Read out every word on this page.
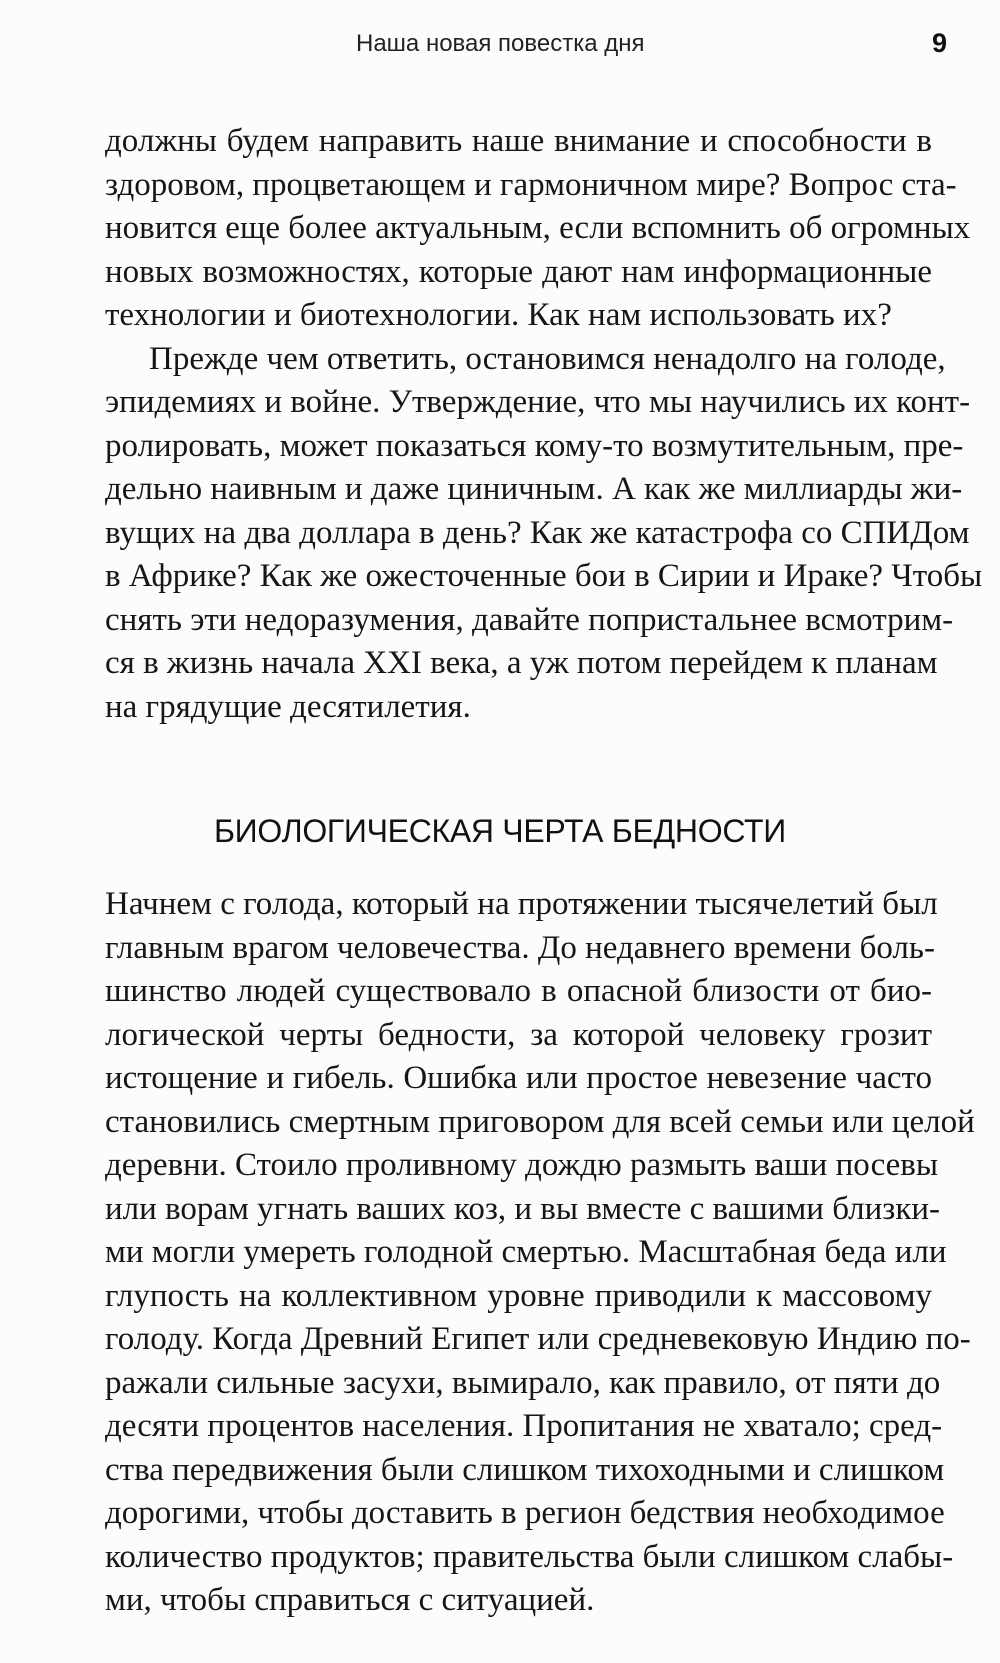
Наша новая повестка дня	9

должны будем направить наше внимание и способности в
здоровом, процветающем и гармоничном мире? Вопрос ста-
новится еще более актуальным, если вспомнить об огромных
новых возможностях, которые дают нам информационные
технологии и биотехнологии. Как нам использовать их?

Прежде чем ответить, остановимся ненадолго на голоде,
эпидемиях и войне. Утверждение, что мы научились их конт-
ролировать, может показаться кому-то возмутительным, пре-
дельно наивным и даже циничным. А как же миллиарды жи-
вущих на два доллара в день? Как же катастрофа со СПИДом
в Африке? Как же ожесточенные бои в Сирии и Ираке? Чтобы
снять эти недоразумения, давайте попристальнее всмотрим-
ся в жизнь начала XXI века, а уж потом перейдем к планам
на грядущие десятилетия.

БИОЛОГИЧЕСКАЯ ЧЕРТА БЕДНОСТИ

Начнем с голода, который на протяжении тысячелетий был
главным врагом человечества. До недавнего времени боль-
шинство людей существовало в опасной близости от био-
логической черты бедности, за которой человеку грозит
истощение и гибель. Ошибка или простое невезение часто
становились смертным приговором для всей семьи или целой
деревни. Стоило проливному дождю размыть ваши посевы
или ворам угнать ваших коз, и вы вместе с вашими близки-
ми могли умереть голодной смертью. Масштабная беда или
глупость на коллективном уровне приводили к массовому
голоду. Когда Древний Египет или средневековую Индию по-
ражали сильные засухи, вымирало, как правило, от пяти до
десяти процентов населения. Пропитания не хватало; сред-
ства передвижения были слишком тихоходными и слишком
дорогими, чтобы доставить в регион бедствия необходимое
количество продуктов; правительства были слишком слабы-
ми, чтобы справиться с ситуацией.
